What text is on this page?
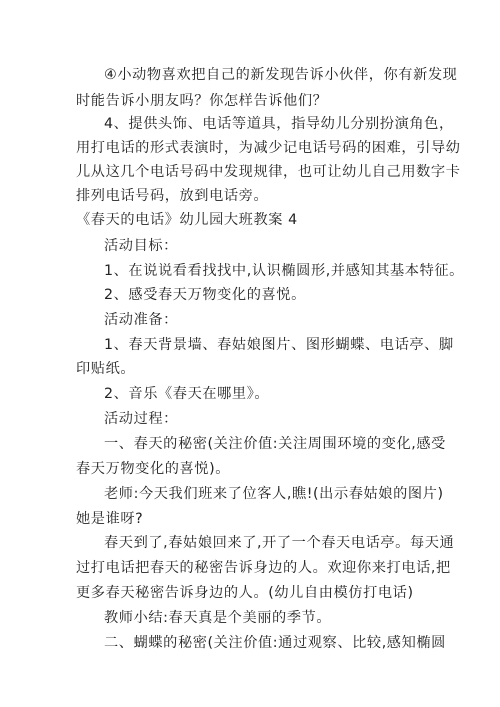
④小动物喜欢把自己的新发现告诉小伙伴，你有新发现
时能告诉小朋友吗？你怎样告诉他们？
4、提供头饰、电话等道具，指导幼儿分别扮演角色，
用打电话的形式表演时，为减少记电话号码的困难，引导幼
儿从这几个电话号码中发现规律，也可让幼儿自己用数字卡
排列电话号码，放到电话旁。
《春天的电话》幼儿园大班教案 4
活动目标：
1、在说说看看找找中,认识椭圆形,并感知其基本特征。
2、感受春天万物变化的喜悦。
活动准备：
1、春天背景墙、春姑娘图片、图形蝴蝶、电话亭、脚
印贴纸。
2、音乐《春天在哪里》。
活动过程：
一、春天的秘密(关注价值:关注周围环境的变化,感受
春天万物变化的喜悦)。
老师:今天我们班来了位客人,瞧!(出示春姑娘的图片)
她是谁呀?
春天到了,春姑娘回来了,开了一个春天电话亭。每天通
过打电话把春天的秘密告诉身边的人。欢迎你来打电话,把
更多春天秘密告诉身边的人。(幼儿自由模仿打电话)
教师小结:春天真是个美丽的季节。
二、蝴蝶的秘密(关注价值:通过观察、比较,感知椭圆
